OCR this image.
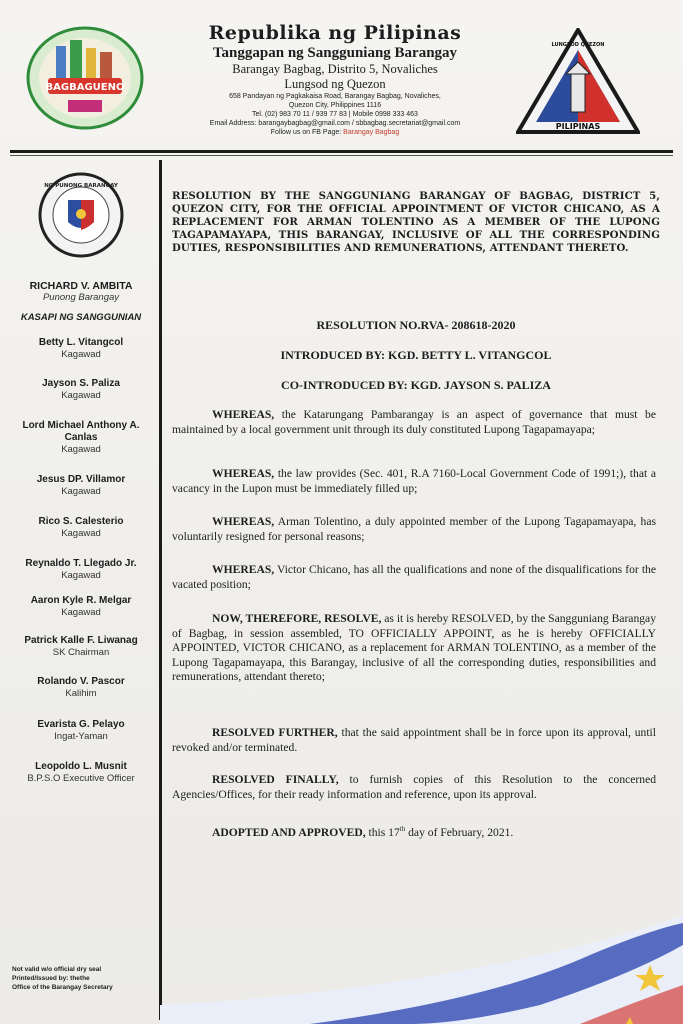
BAGBAGUENO

Republika ng Pilipinas

Tanggapan ng Sangguniang Barangay

Barangay Bagbag, Distrito 5, Novaliches

Lungsod ng Quezon

658 Pandayan ng Pagkakaisa Road, Barangay Bagbag, Novaliches,

Quezon City, Philippines 1116

Tel. (02) 983 70 11 / 939 77 83 | Mobile 0998 333 463

Email Address: barangaybagbag@gmail.com / sbbagbag.secretariat@gmail.com

Follow us on FB Page: Barangay Bagbag

PILIPINAS
LUNGSOD QUEZON
NG PUNONG BARANGAY
RICHARD V. AMBITA
Punong Barangay
KASAPI NG SANGGUNIAN
Betty L. Vitangcol
Kagawad
Jayson S. Paliza
Kagawad
Lord Michael Anthony A. Canlas
Kagawad
Jesus DP. Villamor
Kagawad
Rico S. Calesterio
Kagawad
Reynaldo T. Llegado Jr.
Kagawad
Aaron Kyle R. Melgar
Kagawad
Patrick Kalle F. Liwanag
SK Chairman
Rolando V. Pascor
Kalihim
Evarista G. Pelayo
Ingat-Yaman
Leopoldo L. Musnit
B.P.S.O Executive Officer
Not valid w/o official dry seal
Printed/Issued by: thethe
Office of the Barangay Secretary

RESOLUTION BY THE SANGGUNIANG BARANGAY OF BAGBAG, DISTRICT 5, QUEZON CITY, FOR THE OFFICIAL APPOINTMENT OF VICTOR CHICANO, AS A REPLACEMENT FOR ARMAN TOLENTINO AS A MEMBER OF THE LUPONG TAGAPAMAYAPA, THIS BARANGAY, INCLUSIVE OF ALL THE CORRESPONDING DUTIES, RESPONSIBILITIES AND REMUNERATIONS, ATTENDANT THERETO.

RESOLUTION NO.RVA- 208618-2020
INTRODUCED BY: KGD. BETTY L. VITANGCOL
CO-INTRODUCED BY: KGD. JAYSON S. PALIZA
WHEREAS, the Katarungang Pambarangay is an aspect of governance that must be maintained by a local government unit through its duly constituted Lupong Tagapamayapa;
WHEREAS, the law provides (Sec. 401, R.A 7160-Local Government Code of 1991;), that a vacancy in the Lupon must be immediately filled up;
WHEREAS, Arman Tolentino, a duly appointed member of the Lupong Tagapamayapa, has voluntarily resigned for personal reasons;
WHEREAS, Victor Chicano, has all the qualifications and none of the disqualifications for the vacated position;
NOW, THEREFORE, RESOLVE, as it is hereby RESOLVED, by the Sangguniang Barangay of Bagbag, in session assembled, TO OFFICIALLY APPOINT, as he is hereby OFFICIALLY APPOINTED, VICTOR CHICANO, as a replacement for ARMAN TOLENTINO, as a member of the Lupong Tagapamayapa, this Barangay, inclusive of all the corresponding duties, responsibilities and remunerations, attendant thereto;
RESOLVED FURTHER, that the said appointment shall be in force upon its approval, until revoked and/or terminated.
RESOLVED FINALLY, to furnish copies of this Resolution to the concerned Agencies/Offices, for their ready information and reference, upon its approval.
ADOPTED AND APPROVED, this 17th day of February, 2021.
